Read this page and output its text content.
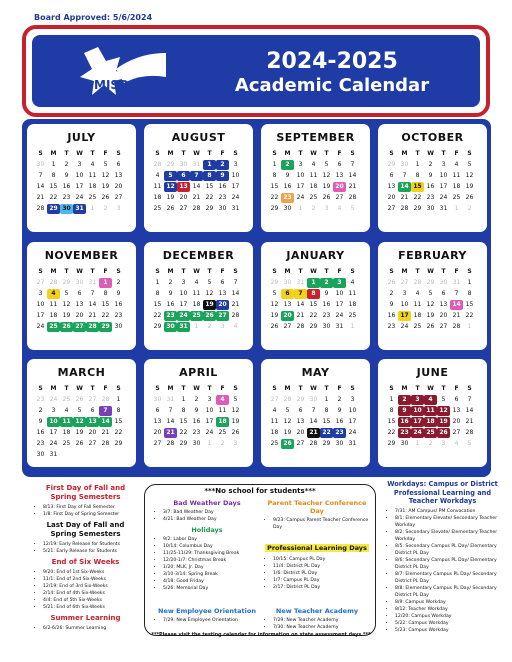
Board Approved: 5/6/2024
MISD
2024-2025
Academic Calendar
JULY
S	M	T	W	T	F	S
30	1	2	3	4	5	6
7	8	9	10 11 12 13
14 15 16 17 18 19 20
21 22 23 24 25 26 27
28 29 30 31	1	2	3
AUGUST
S	M	T	W	T	F	S
28 29 30 31	1	2	3
4	5	6	7	8	9	10
11 12 13 14 15 16 17
18 19 20 21 22 23 24
25 26 27 28 29 30 31
SEPTEMBER
S	M	T	W	T	F	S
1	2	3	4	5	6	7
8	9	10 11 12 13 14
15 16 17 18 19 20 21
22 23 24 25 26 27 28
29 30	1	2	3	4	5
OCTOBER
S	M	T	W	T	F	S
29 30	1	2	3	4	5
6	7	8	9	10 11 12
13 14 15 16 17 18 19
20 21 22 23 24 25 26
27 28 29 30 31	1	2
NOVEMBER
S	M	T	W	T	F	S
27 28 29 30 31	1	2
3	4	5	6	7	8	9
10 11 12 13 14 15 16
17 18 19 20 21 22 23
24 25 26 27 28 29 30
DECEMBER
S	M	T	W	T	F	S
1	2	3	4	5	6	7
8	9	10 11 12 13 14
15 16 17 18 19 20 21
22 23 24 25 26 27 28
29 30 31	1	2	3	4
JANUARY
S	M	T	W	T	F	S
29 30 31	1	2	3	4
5	6	7	8	9	10 11
12 13 14 15 16 17 18
19 20 21 22 23 24 25
26 27 28 29 30 31	1
FEBRUARY
S	M	T	W	T	F	S
26 27 28 29 30 31	1
2	3	4	5	6	7	8
9	10 11 12 13 14 15
16 17 18 19 20 21 22
23 24 25 26 27 28	1
MARCH
S	M	T	W	T	F	S
23 24 25 26 27 28	1
2	3	4	5	6	7	8
9	10 11 12 13 14 15
16 17 18 19 20 21 22
23 24 25 26 27 28 29
30 31
APRIL
S	M	T	W	T	F	S
30 31	1	2	3	4	5
6	7	8	9	10 11 12
13 14 15 16 17 18 19
20 21 22 23 24 25 26
27 28 29 30	1	2	3
MAY
S	M	T	W	T	F	S
27 28 29 30	1	2	3
4	5	6	7	8	9	10
11 12 13 14 15 16 17
18 19 20 21 22 23 24
25 26 27 28 29 30 31
JUNE
S	M	T	W	T	F	S
1	2	3	4	5	6	7
8	9	10 11 12 13 14
15 16 17 18 19 20 21
22 23 24 25 26 27 28
29 30	1	2	3	4	5
First Day of Fall and Spring Semesters
• 8/13: First Day of Fall Semester
• 1/8: First Day of Spring Semester
Last Day of Fall and Spring Semesters
• 12/19: Early Release for Students
• 5/21: Early Release for Students
End of Six Weeks
• 9/20: End of 1st Six-Weeks
• 11/1: End of 2nd Six-Weeks
• 12/19: End of 3rd Six-Weeks
• 2/14: End of 4th Six-Weeks
• 4/4: End of 5th Six-Weeks
• 5/21: End of 6th Six-Weeks
Summer Learning
• 6/2-6/26: Summer Learning
***No school for students***
Bad Weather Days
• 3/7: Bad Weather Day
• 4/21: Bad Weather Day
Holidays
• 9/2: Labor Day
• 10/14: Columbus Day
• 11/25-11/29: Thanksgiving Break
• 12/20-1/7: Christmas Break
• 1/20: MLK, Jr. Day
• 3/10-3/14: Spring Break
• 4/18: Good Friday
• 5/26: Memorial Day
Parent Teacher Conference Day
• 9/23: Campus Parent Teacher Conference Day
Professional Learning Days
• 10/15: Campus PL Day
• 11/4: District PL Day
• 1/6: District PL Day
• 1/7: Campus PL Day
• 2/17: District PL Day
New Employee Orientation
• 7/29: New Employee Orientation
New Teacher Academy
• 7/29: New Teacher Academy
• 7/30: New Teacher Academy
***Please visit the testing calendar for information on state assessment days.***
Workdays: Campus or District Professional Learning and Teacher Workdays
• 7/31: AM Campus/ PM Convocation
• 8/1: Elementary Elevate/ Secondary Teacher Workday
• 8/2: Secondary Elevate/ Elementary Teacher Workday
• 8/5: Secondary Campus PL Day/ Elementary District PL Day
• 8/6: Secondary Campus PL Day/ Elementary District PL Day
• 8/7: Elementary Campus PL Day/ Secondary District PL Day
• 8/8: Elementary Campus PL Day/ Secondary District PL Day
• 8/9: Campus Workday
• 8/12: Teacher Workday
• 12/20: Campus Workday
• 5/22: Campus Workday
• 5/23: Campus Workday
